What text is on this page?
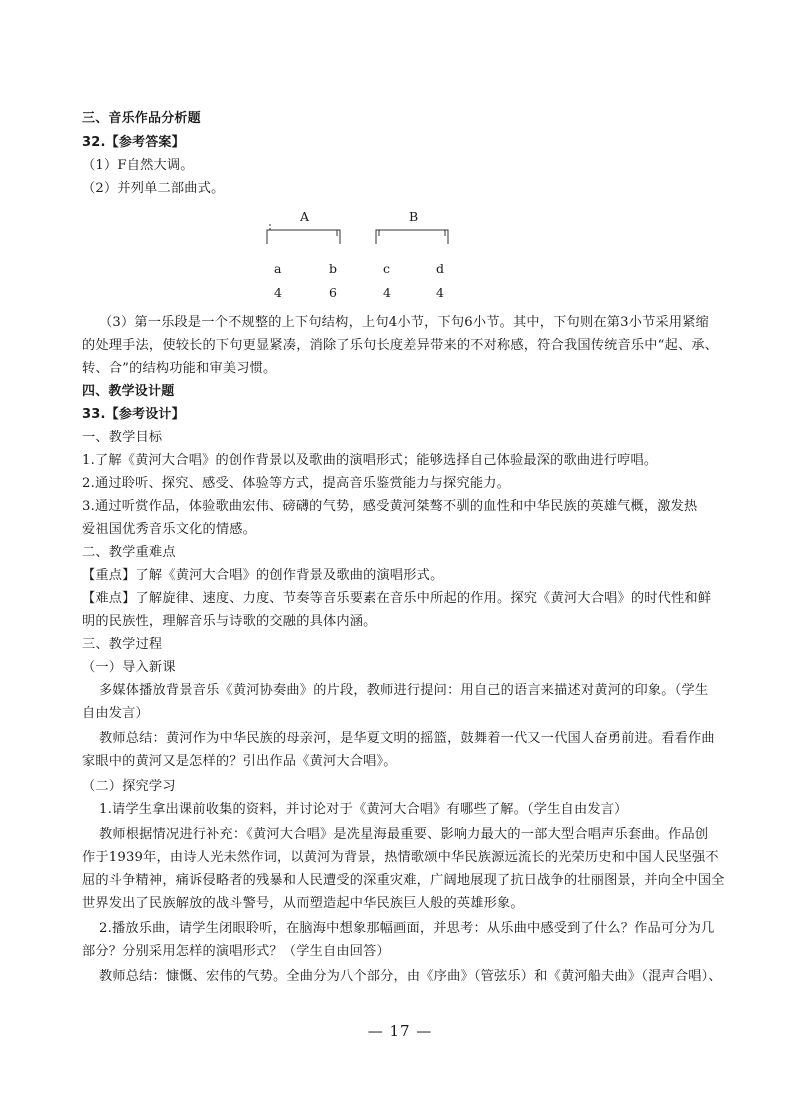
三、音乐作品分析题
32.【参考答案】
（1）F自然大调。
（2）并列单二部曲式。
A	B
a	b	c	d
4	6	4	4
（3）第一乐段是一个不规整的上下句结构，上句4小节，下句6小节。其中，下句则在第3小节采用紧缩
的处理手法，使较长的下句更显紧凑，消除了乐句长度差异带来的不对称感，符合我国传统音乐中“起、承、
转、合”的结构功能和审美习惯。
四、教学设计题
33.【参考设计】
一、教学目标
1.了解《黄河大合唱》的创作背景以及歌曲的演唱形式；能够选择自己体验最深的歌曲进行哼唱。
2.通过聆听、探究、感受、体验等方式，提高音乐鉴赏能力与探究能力。
3.通过听赏作品，体验歌曲宏伟、磅礴的气势，感受黄河桀骜不驯的血性和中华民族的英雄气概，激发热
爱祖国优秀音乐文化的情感。
二、教学重难点
【重点】了解《黄河大合唱》的创作背景及歌曲的演唱形式。
【难点】了解旋律、速度、力度、节奏等音乐要素在音乐中所起的作用。探究《黄河大合唱》的时代性和鲜
明的民族性，理解音乐与诗歌的交融的具体内涵。
三、教学过程
（一）导入新课
多媒体播放背景音乐《黄河协奏曲》的片段，教师进行提问：用自己的语言来描述对黄河的印象。（学生
自由发言）
教师总结：黄河作为中华民族的母亲河，是华夏文明的摇篮，鼓舞着一代又一代国人奋勇前进。看看作曲
家眼中的黄河又是怎样的？引出作品《黄河大合唱》。
（二）探究学习
1.请学生拿出课前收集的资料，并讨论对于《黄河大合唱》有哪些了解。（学生自由发言）
教师根据情况进行补充：《黄河大合唱》是冼星海最重要、影响力最大的一部大型合唱声乐套曲。作品创
作于1939年，由诗人光未然作词，以黄河为背景，热情歌颂中华民族源远流长的光荣历史和中国人民坚强不
屈的斗争精神，痛诉侵略者的残暴和人民遭受的深重灾难，广阔地展现了抗日战争的壮丽图景，并向全中国全
世界发出了民族解放的战斗警号，从而塑造起中华民族巨人般的英雄形象。
2.播放乐曲，请学生闭眼聆听，在脑海中想象那幅画面，并思考：从乐曲中感受到了什么？作品可分为几
部分？分别采用怎样的演唱形式？（学生自由回答）
教师总结：慷慨、宏伟的气势。全曲分为八个部分，由《序曲》（管弦乐）和《黄河船夫曲》（混声合唱）、
— 17 —
